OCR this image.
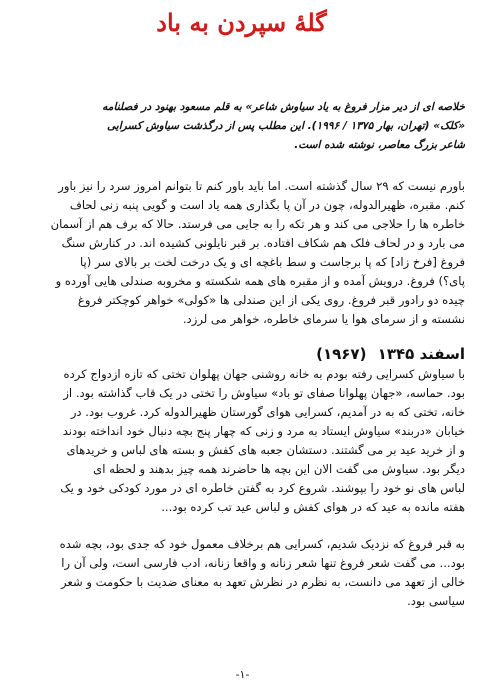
گلهٔ سپردن به باد
خلاصه ای از دیر مزار فروغ به یاد سیاوش شاعر» به قلم مسعود بهنود در فصلنامه
«کلک» (تهران، بهار ۱۳۷۵ / ۱۹۹۶). این مطلب پس از درگذشت سیاوش کسرایی
شاعر بزرگ معاصر، نوشته شده است.
باورم نیست که ۲۹ سال گذشته است. اما باید باور کنم تا بتوانم امروز سرد را نیز باور
کنم. مقبره، ظهیرالدوله، چون در آن پا بگذاری همه یاد است و گویی پنبه زنی لحاف
خاطره ها را حلاجی می کند و هر تکه را به جایی می فرستد. حالا که برف هم از آسمان
می بارد و در لحاف فلک هم شکاف افتاده. بر قبر نایلونی کشیده اند. در کنارش سنگ
فروغ [فرخ زاد] که پا برجاست و سط باغچه ای و یک درخت لخت بر بالای سر (پا
پای؟) فروغ. درویش آمده و از مقبره های همه شکسته و مخروبه صندلی هایی آورده و
چیده دو رادور قبر فروغ. روی یکی از این صندلی ها «کولی» خواهر کوچکتر فروغ
نشسته و از سرمای هوا یا سرمای خاطره، خواهر می لرزد.
اسفند ۱۳۴۵ (۱۹۶۷)
با سیاوش کسرایی رفته بودم به خانه روشنی جهان پهلوان تختی که تازه ازدواج کرده
بود. حماسه، «جهان پهلوانا صفای تو باد» سیاوش را تختی در یک قاب گذاشته بود. از
خانه، تختی که به در آمدیم، کسرایی هوای گورستان ظهیرالدوله کرد. غروب بود. در
خیابان «دربند» سیاوش ایستاد به مرد و زنی که چهار پنج بچه دنبال خود انداخته بودند
و از خرید عید بر می گشتند. دستشان جعبه های کفش و بسته های لباس و خریدهای
دیگر بود. سیاوش می گفت الان این بچه ها حاضرند همه چیز بدهند و لحظه ای
لباس های نو خود را بپوشند. شروع کرد به گفتن خاطره ای در مورد کودکی خود و یک
هفته مانده به عید که در هوای کفش و لباس عید تب کرده بود...
به قبر فروغ که نزدیک شدیم، کسرایی هم برخلاف معمول خود که جدی بود، بچه شده
بود... می گفت شعر فروغ تنها شعر زنانه و واقعا زنانه، ادب فارسی است، ولی آن را
خالی از تعهد می دانست، به نظرم در نظرش تعهد به معنای ضدیت با حکومت و شعر
سیاسی بود.
-۱-
